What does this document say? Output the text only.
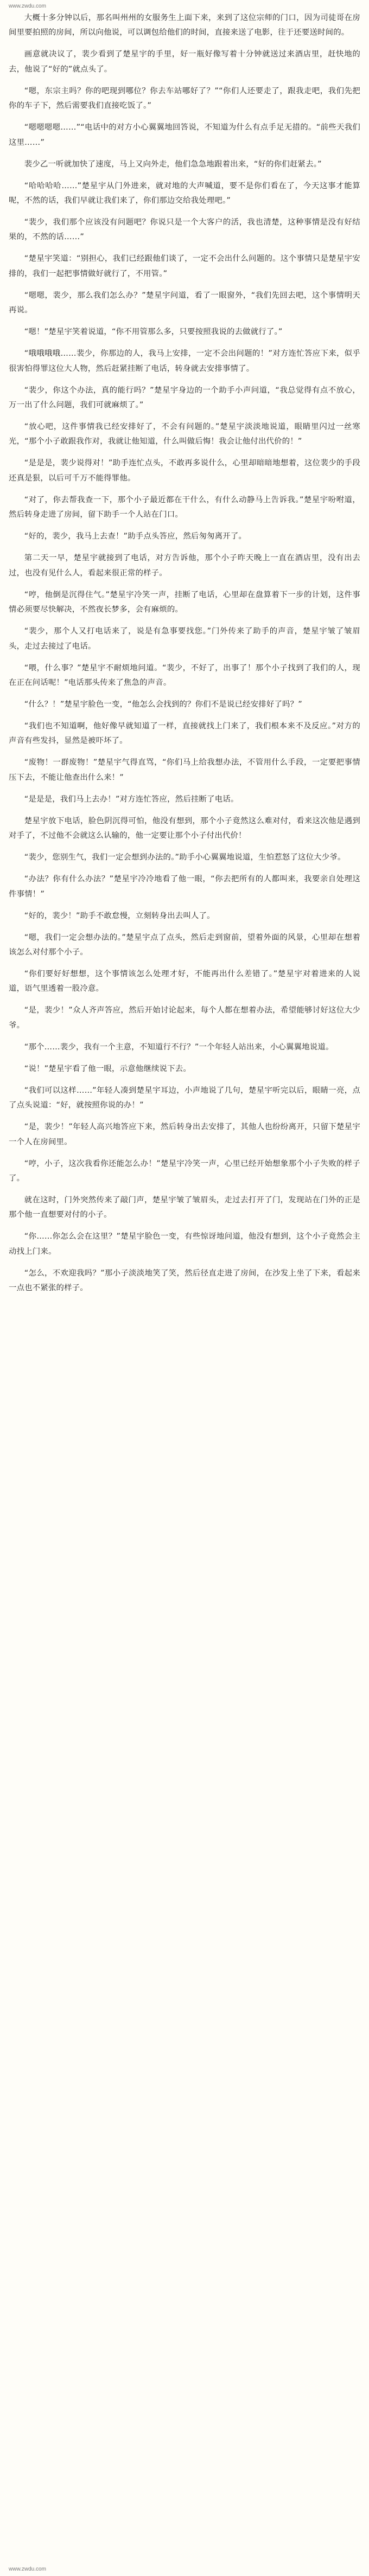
www.zwdu.com

大概十多分钟以后，那名叫州州的女服务生上面下来，来到了这位宗师的门口，因为司徒哥在房间里要拍照的房间，所以向他说，可以调包给他们的时间，直接来送了电影，往于还要送时间的。

画意就决议了，裴少看到了楚星宇的手里，好一瓶好像写着十分钟就送过来酒店里，赶快地的去，他说了“好的”就点头了。

“嗯，东宗主吗？你的吧现到哪位？你去车站哪好了？”“你们人还要走了，跟我走吧，我们先把你的车子下，然后需要我们直接吃饭了。”

“嗯嗯嗯嗯……”“电话中的对方小心翼翼地回答说，不知道为什么有点手足无措的。“前些天我们这里……”

裴少乙一听就加快了速度，马上又向外走，他们急急地跟着出来，“好的你们赶紧去。”

“哈哈哈哈……”楚星宇从门外进来，就对地的大声喊道，要不是你们看在了，今天这事才能算呢，不然的话，我们早就让我们来了，你们那边交给我处理吧。”

“裴少，我们那个应该没有问题吧？你说只是一个大客户的活，我也清楚，这种事情是没有好结果的，不然的话……”

“楚星宇笑道：“别担心，我们已经跟他们谈了，一定不会出什么问题的。这个事情只是楚星宇安排的，我们一起把事情做好就行了，不用管。”

“嗯嗯，裴少，那么我们怎么办？”楚星宇问道，看了一眼窗外，“我们先回去吧，这个事情明天再说。

“嗯！”楚星宇笑着说道，“你不用管那么多，只要按照我说的去做就行了。”

“哦哦哦哦……裴少，你那边的人，我马上安排，一定不会出问题的！”对方连忙答应下来，似乎很害怕得罪这位大人物，然后赶紧挂断了电话，转身就去安排事情了。

“裴少，你这个办法，真的能行吗？”楚星宇身边的一个助手小声问道，“我总觉得有点不放心，万一出了什么问题，我们可就麻烦了。”

“放心吧，这件事情我已经安排好了，不会有问题的。”楚星宇淡淡地说道，眼睛里闪过一丝寒光，“那个小子敢跟我作对，我就让他知道，什么叫做后悔！我会让他付出代价的！”

“是是是，裴少说得对！”助手连忙点头，不敢再多说什么，心里却暗暗地想着，这位裴少的手段还真是狠，以后可千万不能得罪他。

“对了，你去帮我查一下，那个小子最近都在干什么，有什么动静马上告诉我。”楚星宇吩咐道，然后转身走进了房间，留下助手一个人站在门口。

“好的，裴少，我马上去查！”助手点头答应，然后匆匆离开了。

第二天一早，楚星宇就接到了电话，对方告诉他，那个小子昨天晚上一直在酒店里，没有出去过，也没有见什么人，看起来很正常的样子。

“哼，他倒是沉得住气。”楚星宇冷笑一声，挂断了电话，心里却在盘算着下一步的计划，这件事情必须要尽快解决，不然夜长梦多，会有麻烦的。

“裴少，那个人又打电话来了，说是有急事要找您。”门外传来了助手的声音，楚星宇皱了皱眉头，走过去接过了电话。

“喂，什么事？”楚星宇不耐烦地问道。“裴少，不好了，出事了！那个小子找到了我们的人，现在正在问话呢！”电话那头传来了焦急的声音。

“什么？！”楚星宇脸色一变，“他怎么会找到的？你们不是说已经安排好了吗？”

“我们也不知道啊，他好像早就知道了一样，直接就找上门来了，我们根本来不及反应。”对方的声音有些发抖，显然是被吓坏了。

“废物！一群废物！”楚星宇气得直骂，“你们马上给我想办法，不管用什么手段，一定要把事情压下去，不能让他查出什么来！”

“是是是，我们马上去办！”对方连忙答应，然后挂断了电话。

楚星宇放下电话，脸色阴沉得可怕，他没有想到，那个小子竟然这么难对付，看来这次他是遇到对手了，不过他不会就这么认输的，他一定要让那个小子付出代价！

“裴少，您别生气，我们一定会想到办法的。”助手小心翼翼地说道，生怕惹怒了这位大少爷。

“办法？你有什么办法？”楚星宇冷冷地看了他一眼，“你去把所有的人都叫来，我要亲自处理这件事情！”

“好的，裴少！”助手不敢怠慢，立刻转身出去叫人了。

“嗯，我们一定会想办法的。”楚星宇点了点头，然后走到窗前，望着外面的风景，心里却在想着该怎么对付那个小子。

“你们要好好想想，这个事情该怎么处理才好，不能再出什么差错了。”楚星宇对着进来的人说道，语气里透着一股冷意。

“是，裴少！”众人齐声答应，然后开始讨论起来，每个人都在想着办法，希望能够讨好这位大少爷。

“那个……裴少，我有一个主意，不知道行不行？”一个年轻人站出来，小心翼翼地说道。

“说！”楚星宇看了他一眼，示意他继续说下去。

“我们可以这样……”年轻人凑到楚星宇耳边，小声地说了几句，楚星宇听完以后，眼睛一亮，点了点头说道：“好，就按照你说的办！”

“是，裴少！”年轻人高兴地答应下来，然后转身出去安排了，其他人也纷纷离开，只留下楚星宇一个人在房间里。

“哼，小子，这次我看你还能怎么办！”楚星宇冷笑一声，心里已经开始想象那个小子失败的样子了。

就在这时，门外突然传来了敲门声，楚星宇皱了皱眉头，走过去打开了门，发现站在门外的正是那个他一直想要对付的小子。

“你……你怎么会在这里？”楚星宇脸色一变，有些惊讶地问道，他没有想到，这个小子竟然会主动找上门来。

“怎么，不欢迎我吗？”那小子淡淡地笑了笑，然后径直走进了房间，在沙发上坐了下来，看起来一点也不紧张的样子。

www.zwdu.com
